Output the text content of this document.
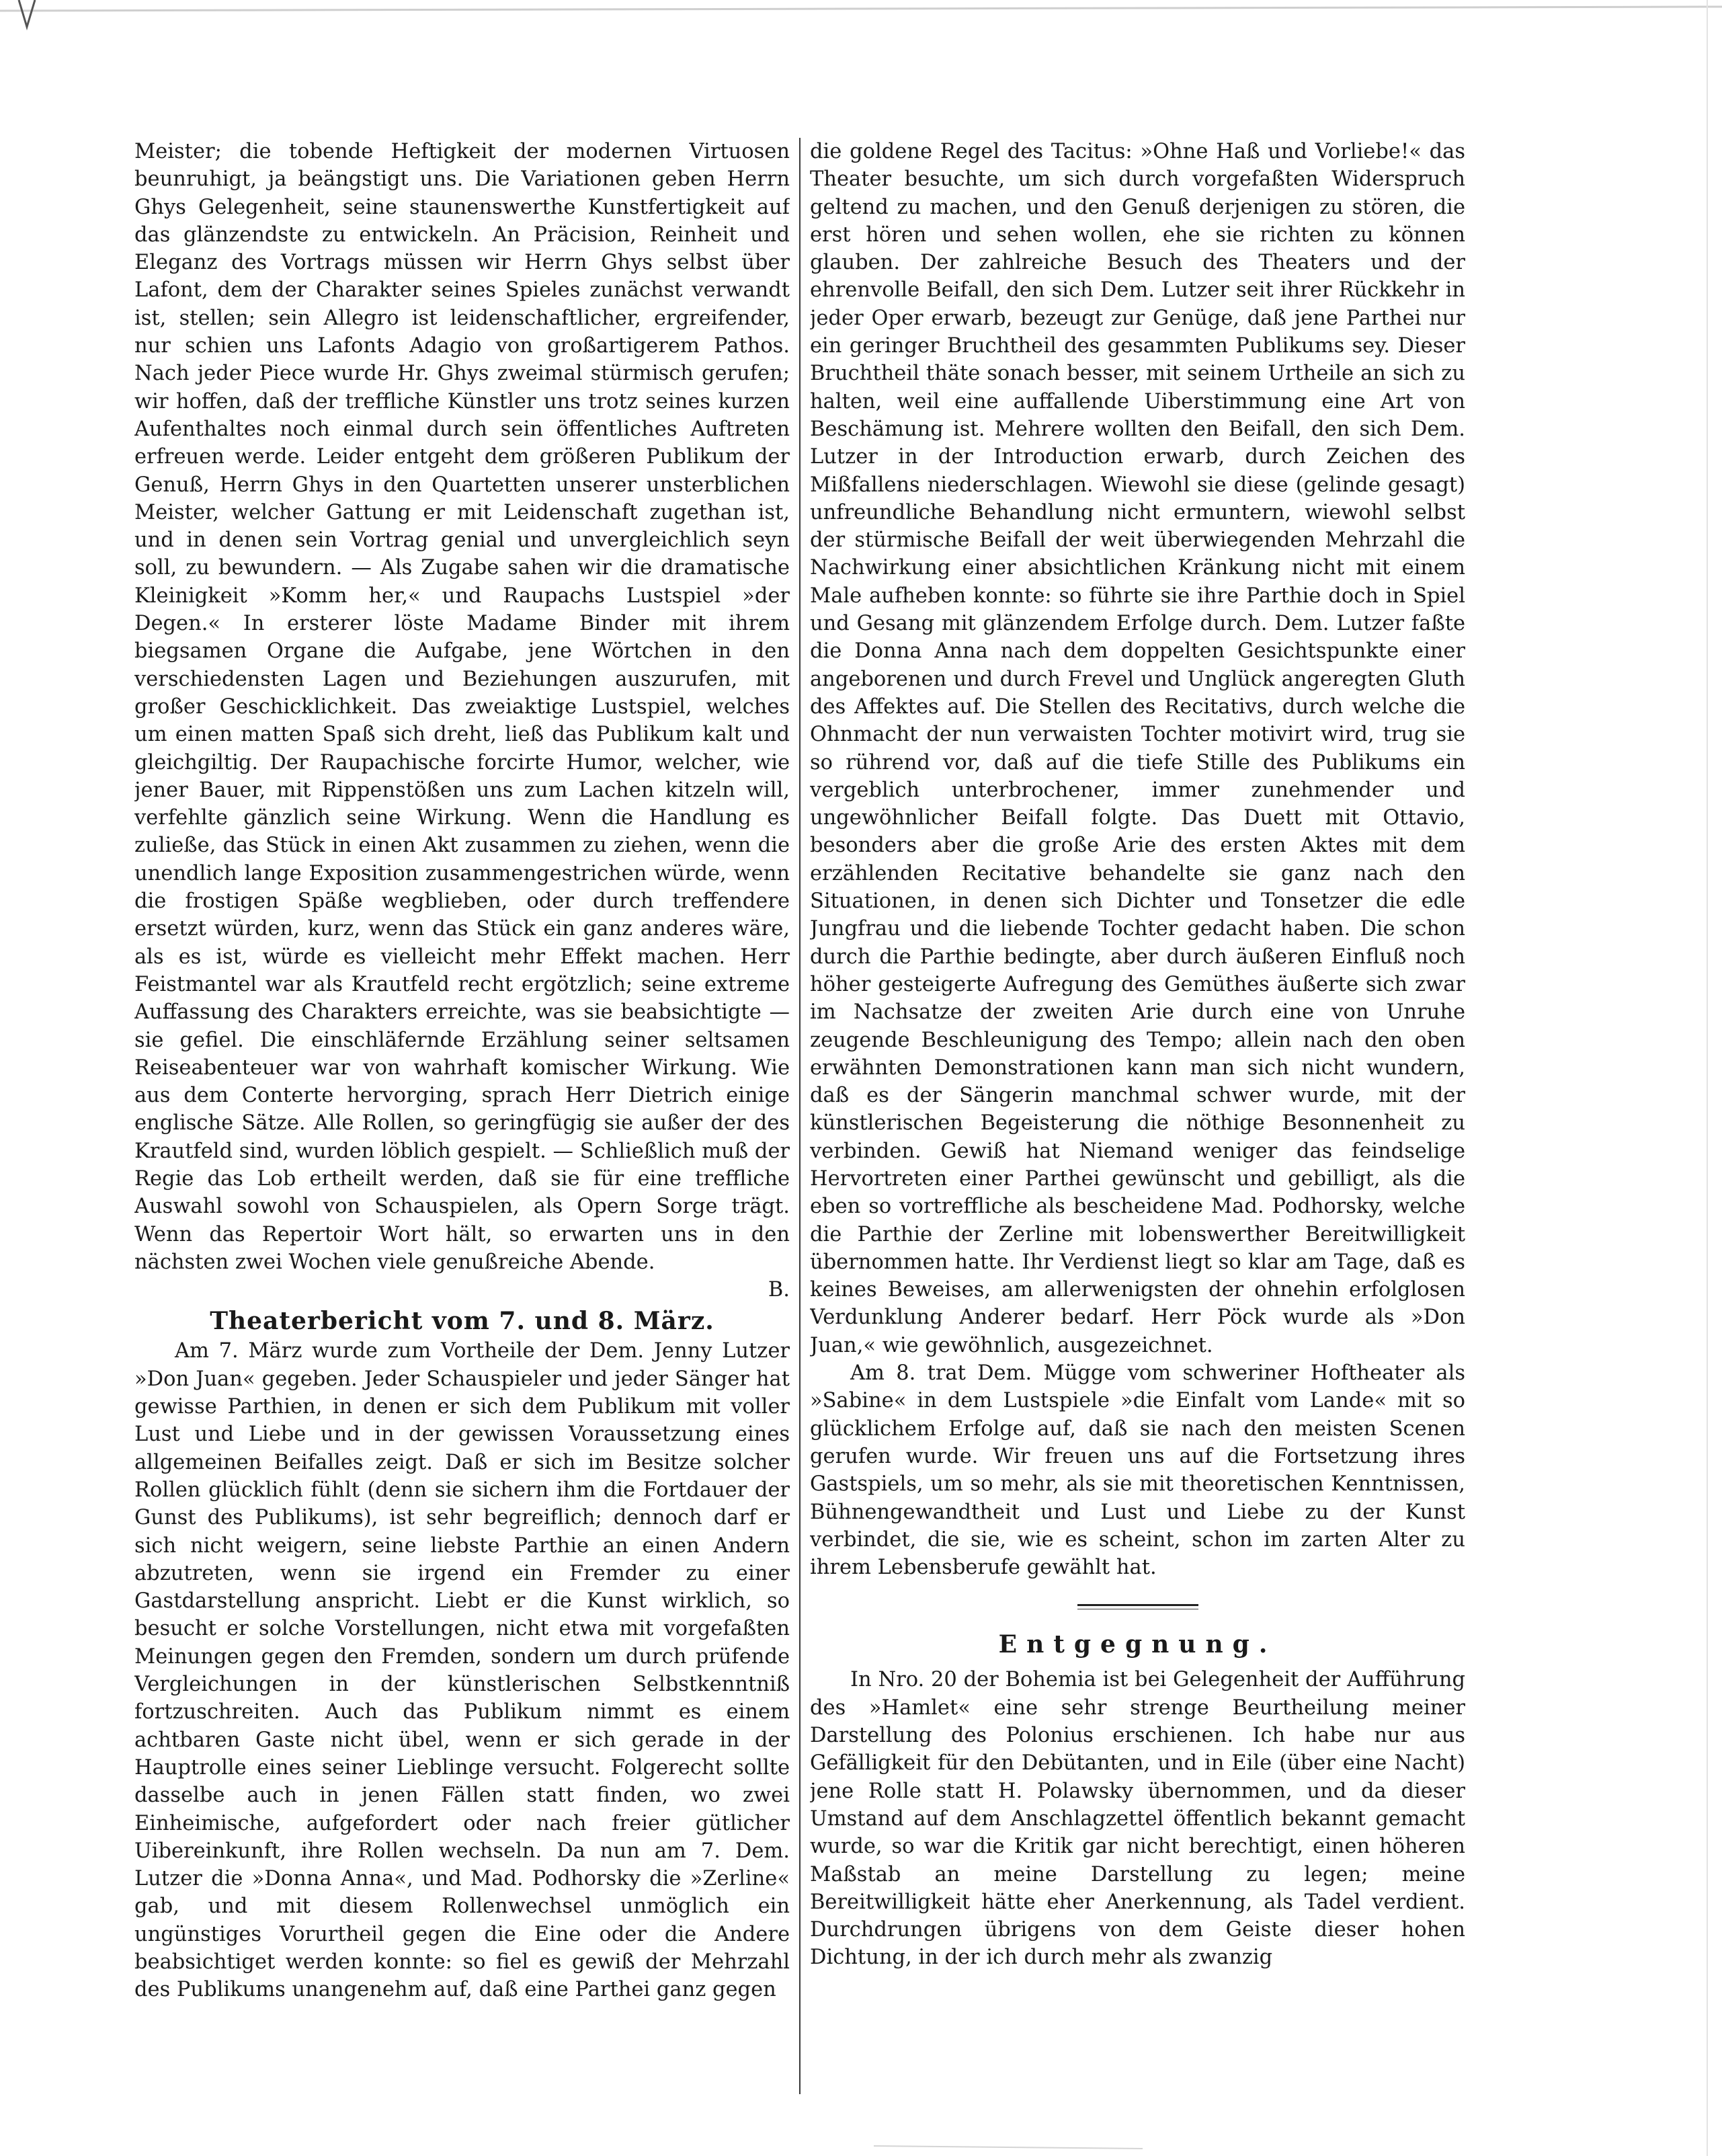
Meister; die tobende Heftigkeit der modernen Virtuosen beunruhigt, ja beängstigt uns. Die Variationen geben Herrn Ghys Gelegenheit, seine staunenswerthe Kunstfertigkeit auf das glänzendste zu entwickeln. An Präcision, Reinheit und Eleganz des Vortrags müssen wir Herrn Ghys selbst über Lafont, dem der Charakter seines Spieles zunächst verwandt ist, stellen; sein Allegro ist leidenschaftlicher, ergreifender, nur schien uns Lafonts Adagio von großartigerem Pathos. Nach jeder Piece wurde Hr. Ghys zweimal stürmisch gerufen; wir hoffen, daß der treffliche Künstler uns trotz seines kurzen Aufenthaltes noch einmal durch sein öffentliches Auftreten erfreuen werde. Leider entgeht dem größeren Publikum der Genuß, Herrn Ghys in den Quartetten unserer unsterblichen Meister, welcher Gattung er mit Leidenschaft zugethan ist, und in denen sein Vortrag genial und unvergleichlich seyn soll, zu bewundern. — Als Zugabe sahen wir die dramatische Kleinigkeit »Komm her,« und Raupachs Lustspiel »der Degen.« In ersterer löste Madame Binder mit ihrem biegsamen Organe die Aufgabe, jene Wörtchen in den verschiedensten Lagen und Beziehungen auszurufen, mit großer Geschicklichkeit. Das zweiaktige Lustspiel, welches um einen matten Spaß sich dreht, ließ das Publikum kalt und gleichgiltig. Der Raupachische forcirte Humor, welcher, wie jener Bauer, mit Rippenstößen uns zum Lachen kitzeln will, verfehlte gänzlich seine Wirkung. Wenn die Handlung es zuließe, das Stück in einen Akt zusammen zu ziehen, wenn die unendlich lange Exposition zusammengestrichen würde, wenn die frostigen Späße wegblieben, oder durch treffendere ersetzt würden, kurz, wenn das Stück ein ganz anderes wäre, als es ist, würde es vielleicht mehr Effekt machen. Herr Feistmantel war als Krautfeld recht ergötzlich; seine extreme Auffassung des Charakters erreichte, was sie beabsichtigte — sie gefiel. Die einschläfernde Erzählung seiner seltsamen Reiseabenteuer war von wahrhaft komischer Wirkung. Wie aus dem Conterte hervorging, sprach Herr Dietrich einige englische Sätze. Alle Rollen, so geringfügig sie außer der des Krautfeld sind, wurden löblich gespielt. — Schließlich muß der Regie das Lob ertheilt werden, daß sie für eine treffliche Auswahl sowohl von Schauspielen, als Opern Sorge trägt. Wenn das Repertoir Wort hält, so erwarten uns in den nächsten zwei Wochen viele genußreiche Abende.

B.

Theaterbericht vom 7. und 8. März.

Am 7. März wurde zum Vortheile der Dem. Jenny Lutzer »Don Juan« gegeben. Jeder Schauspieler und jeder Sänger hat gewisse Parthien, in denen er sich dem Publikum mit voller Lust und Liebe und in der gewissen Voraussetzung eines allgemeinen Beifalles zeigt. Daß er sich im Besitze solcher Rollen glücklich fühlt (denn sie sichern ihm die Fortdauer der Gunst des Publikums), ist sehr begreiflich; dennoch darf er sich nicht weigern, seine liebste Parthie an einen Andern abzutreten, wenn sie irgend ein Fremder zu einer Gastdarstellung anspricht. Liebt er die Kunst wirklich, so besucht er solche Vorstellungen, nicht etwa mit vorgefaßten Meinungen gegen den Fremden, sondern um durch prüfende Vergleichungen in der künstlerischen Selbstkenntniß fortzuschreiten. Auch das Publikum nimmt es einem achtbaren Gaste nicht übel, wenn er sich gerade in der Hauptrolle eines seiner Lieblinge versucht. Folgerecht sollte dasselbe auch in jenen Fällen statt finden, wo zwei Einheimische, aufgefordert oder nach freier gütlicher Uibereinkunft, ihre Rollen wechseln. Da nun am 7. Dem. Lutzer die »Donna Anna«, und Mad. Podhorsky die »Zerline« gab, und mit diesem Rollenwechsel unmöglich ein ungünstiges Vorurtheil gegen die Eine oder die Andere beabsichtiget werden konnte: so fiel es gewiß der Mehrzahl des Publikums unangenehm auf, daß eine Parthei ganz gegen

die goldene Regel des Tacitus: »Ohne Haß und Vorliebe!« das Theater besuchte, um sich durch vorgefaßten Widerspruch geltend zu machen, und den Genuß derjenigen zu stören, die erst hören und sehen wollen, ehe sie richten zu können glauben. Der zahlreiche Besuch des Theaters und der ehrenvolle Beifall, den sich Dem. Lutzer seit ihrer Rückkehr in jeder Oper erwarb, bezeugt zur Genüge, daß jene Parthei nur ein geringer Bruchtheil des gesammten Publikums sey. Dieser Bruchtheil thäte sonach besser, mit seinem Urtheile an sich zu halten, weil eine auffallende Uiberstimmung eine Art von Beschämung ist. Mehrere wollten den Beifall, den sich Dem. Lutzer in der Introduction erwarb, durch Zeichen des Mißfallens niederschlagen. Wiewohl sie diese (gelinde gesagt) unfreundliche Behandlung nicht ermuntern, wiewohl selbst der stürmische Beifall der weit überwiegenden Mehrzahl die Nachwirkung einer absichtlichen Kränkung nicht mit einem Male aufheben konnte: so führte sie ihre Parthie doch in Spiel und Gesang mit glänzendem Erfolge durch. Dem. Lutzer faßte die Donna Anna nach dem doppelten Gesichtspunkte einer angeborenen und durch Frevel und Unglück angeregten Gluth des Affektes auf. Die Stellen des Recitativs, durch welche die Ohnmacht der nun verwaisten Tochter motivirt wird, trug sie so rührend vor, daß auf die tiefe Stille des Publikums ein vergeblich unterbrochener, immer zunehmender und ungewöhnlicher Beifall folgte. Das Duett mit Ottavio, besonders aber die große Arie des ersten Aktes mit dem erzählenden Recitative behandelte sie ganz nach den Situationen, in denen sich Dichter und Tonsetzer die edle Jungfrau und die liebende Tochter gedacht haben. Die schon durch die Parthie bedingte, aber durch äußeren Einfluß noch höher gesteigerte Aufregung des Gemüthes äußerte sich zwar im Nachsatze der zweiten Arie durch eine von Unruhe zeugende Beschleunigung des Tempo; allein nach den oben erwähnten Demonstrationen kann man sich nicht wundern, daß es der Sängerin manchmal schwer wurde, mit der künstlerischen Begeisterung die nöthige Besonnenheit zu verbinden. Gewiß hat Niemand weniger das feindselige Hervortreten einer Parthei gewünscht und gebilligt, als die eben so vortreffliche als bescheidene Mad. Podhorsky, welche die Parthie der Zerline mit lobenswerther Bereitwilligkeit übernommen hatte. Ihr Verdienst liegt so klar am Tage, daß es keines Beweises, am allerwenigsten der ohnehin erfolglosen Verdunklung Anderer bedarf. Herr Pöck wurde als »Don Juan,« wie gewöhnlich, ausgezeichnet.

Am 8. trat Dem. Mügge vom schweriner Hoftheater als »Sabine« in dem Lustspiele »die Einfalt vom Lande« mit so glücklichem Erfolge auf, daß sie nach den meisten Scenen gerufen wurde. Wir freuen uns auf die Fortsetzung ihres Gastspiels, um so mehr, als sie mit theoretischen Kenntnissen, Bühnengewandtheit und Lust und Liebe zu der Kunst verbindet, die sie, wie es scheint, schon im zarten Alter zu ihrem Lebensberufe gewählt hat.

Entgegnung.

In Nro. 20 der Bohemia ist bei Gelegenheit der Aufführung des »Hamlet« eine sehr strenge Beurtheilung meiner Darstellung des Polonius erschienen. Ich habe nur aus Gefälligkeit für den Debütanten, und in Eile (über eine Nacht) jene Rolle statt H. Polawsky übernommen, und da dieser Umstand auf dem Anschlagzettel öffentlich bekannt gemacht wurde, so war die Kritik gar nicht berechtigt, einen höheren Maßstab an meine Darstellung zu legen; meine Bereitwilligkeit hätte eher Anerkennung, als Tadel verdient. Durchdrungen übrigens von dem Geiste dieser hohen Dichtung, in der ich durch mehr als zwanzig
